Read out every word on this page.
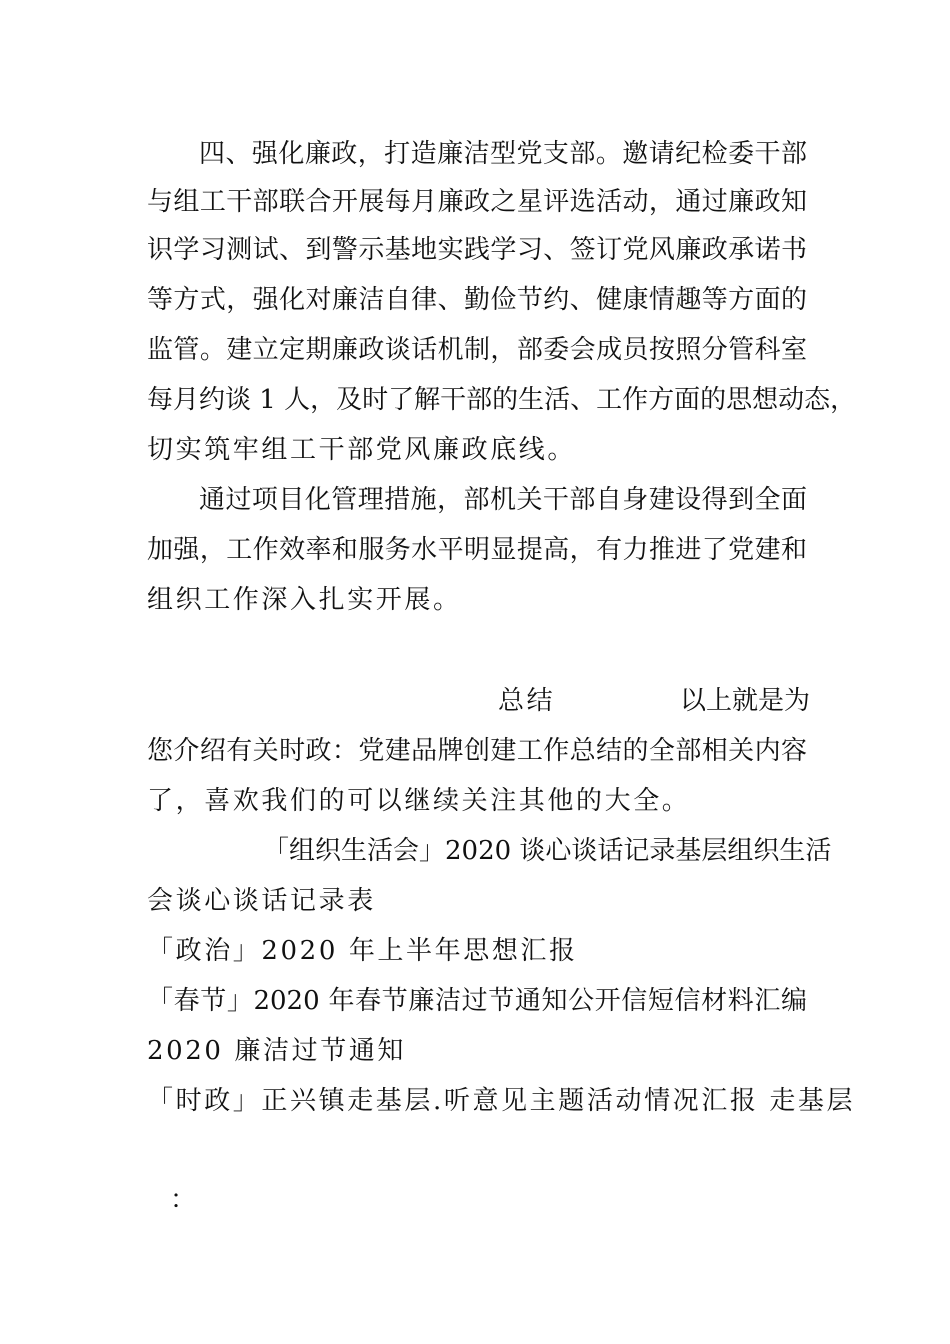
四、强化廉政，打造廉洁型党支部。邀请纪检委干部
与组工干部联合开展每月廉政之星评选活动，通过廉政知
识学习测试、到警示基地实践学习、签订党风廉政承诺书
等方式，强化对廉洁自律、勤俭节约、健康情趣等方面的
监管。建立定期廉政谈话机制，部委会成员按照分管科室
每月约谈 1 人，及时了解干部的生活、工作方面的思想动态，
切实筑牢组工干部党风廉政底线。
通过项目化管理措施，部机关干部自身建设得到全面
加强，工作效率和服务水平明显提高，有力推进了党建和
组织工作深入扎实开展。
总结	以上就是为
您介绍有关时政：党建品牌创建工作总结的全部相关内容
了，喜欢我们的可以继续关注其他的大全。
「组织生活会」2020 谈心谈话记录基层组织生活
会谈心谈话记录表
「政治」2020 年上半年思想汇报
「春节」2020 年春节廉洁过节通知公开信短信材料汇编
2020 廉洁过节通知
「时政」正兴镇走基层.听意见主题活动情况汇报 走基层
：
